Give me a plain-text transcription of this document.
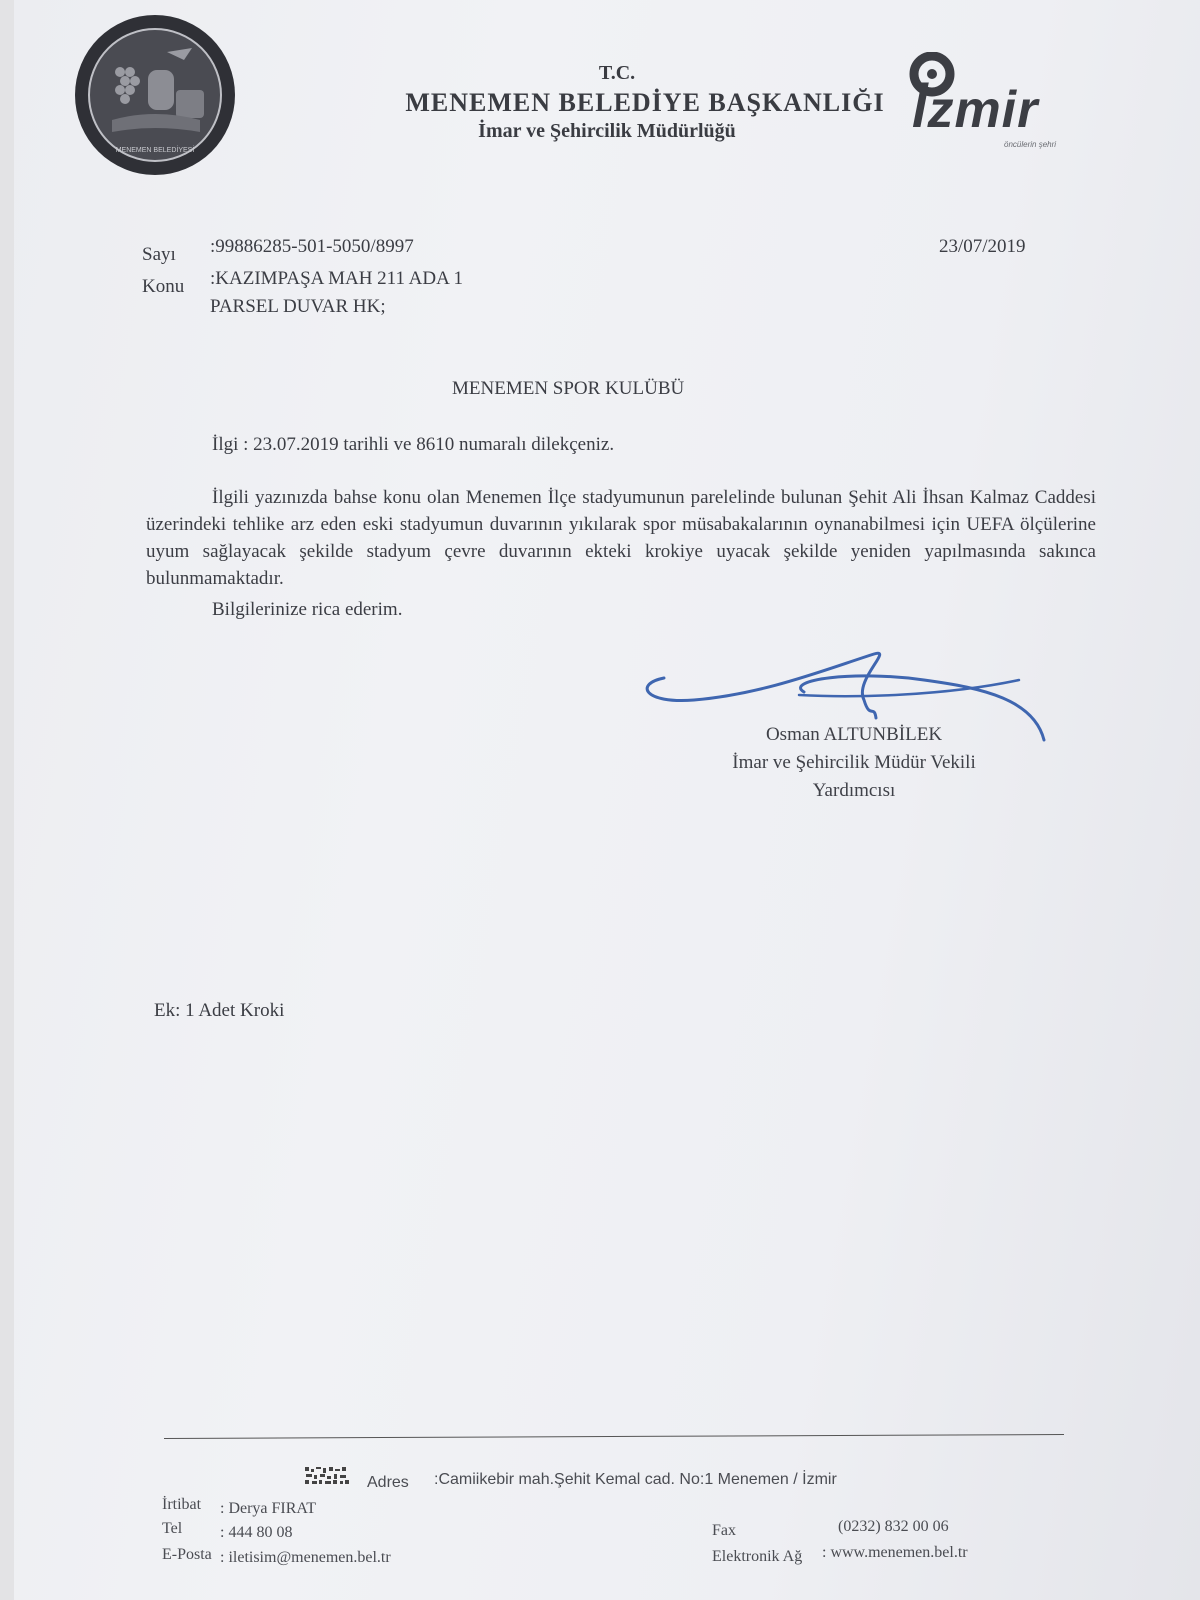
MENEMEN BELEDİYESİ
T.C.
MENEMEN BELEDİYE BAŞKANLIĞI
İmar ve Şehircilik Müdürlüğü	İzmir
öncülerin şehri
Sayı :99886285-501-5050/8997	23/07/2019
Konu :KAZIMPAŞA MAH 211 ADA 1
PARSEL DUVAR HK;
MENEMEN SPOR KULÜBÜ
İlgi : 23.07.2019 tarihli ve 8610 numaralı dilekçeniz.
İlgili yazınızda bahse konu olan Menemen İlçe stadyumunun parelelinde bulunan Şehit Ali İhsan Kalmaz Caddesi üzerindeki tehlike arz eden eski stadyumun duvarının yıkılarak spor müsabakalarının oynanabilmesi için UEFA ölçülerine uyum sağlayacak şekilde stadyum çevre duvarının ekteki krokiye uyacak şekilde yeniden yapılmasında sakınca bulunmamaktadır.
Bilgilerinize rica ederim.
Osman ALTUNBİLEK
İmar ve Şehircilik Müdür Vekili
Yardımcısı
Ek: 1 Adet Kroki
Adres :Camiikebir mah.Şehit Kemal cad. No:1 Menemen / İzmir
İrtibat : Derya FIRAT
Tel : 444 80 08
E-Posta : iletisim@menemen.bel.tr
Fax	(0232) 832 00 06
Elektronik Ağ : www.menemen.bel.tr
